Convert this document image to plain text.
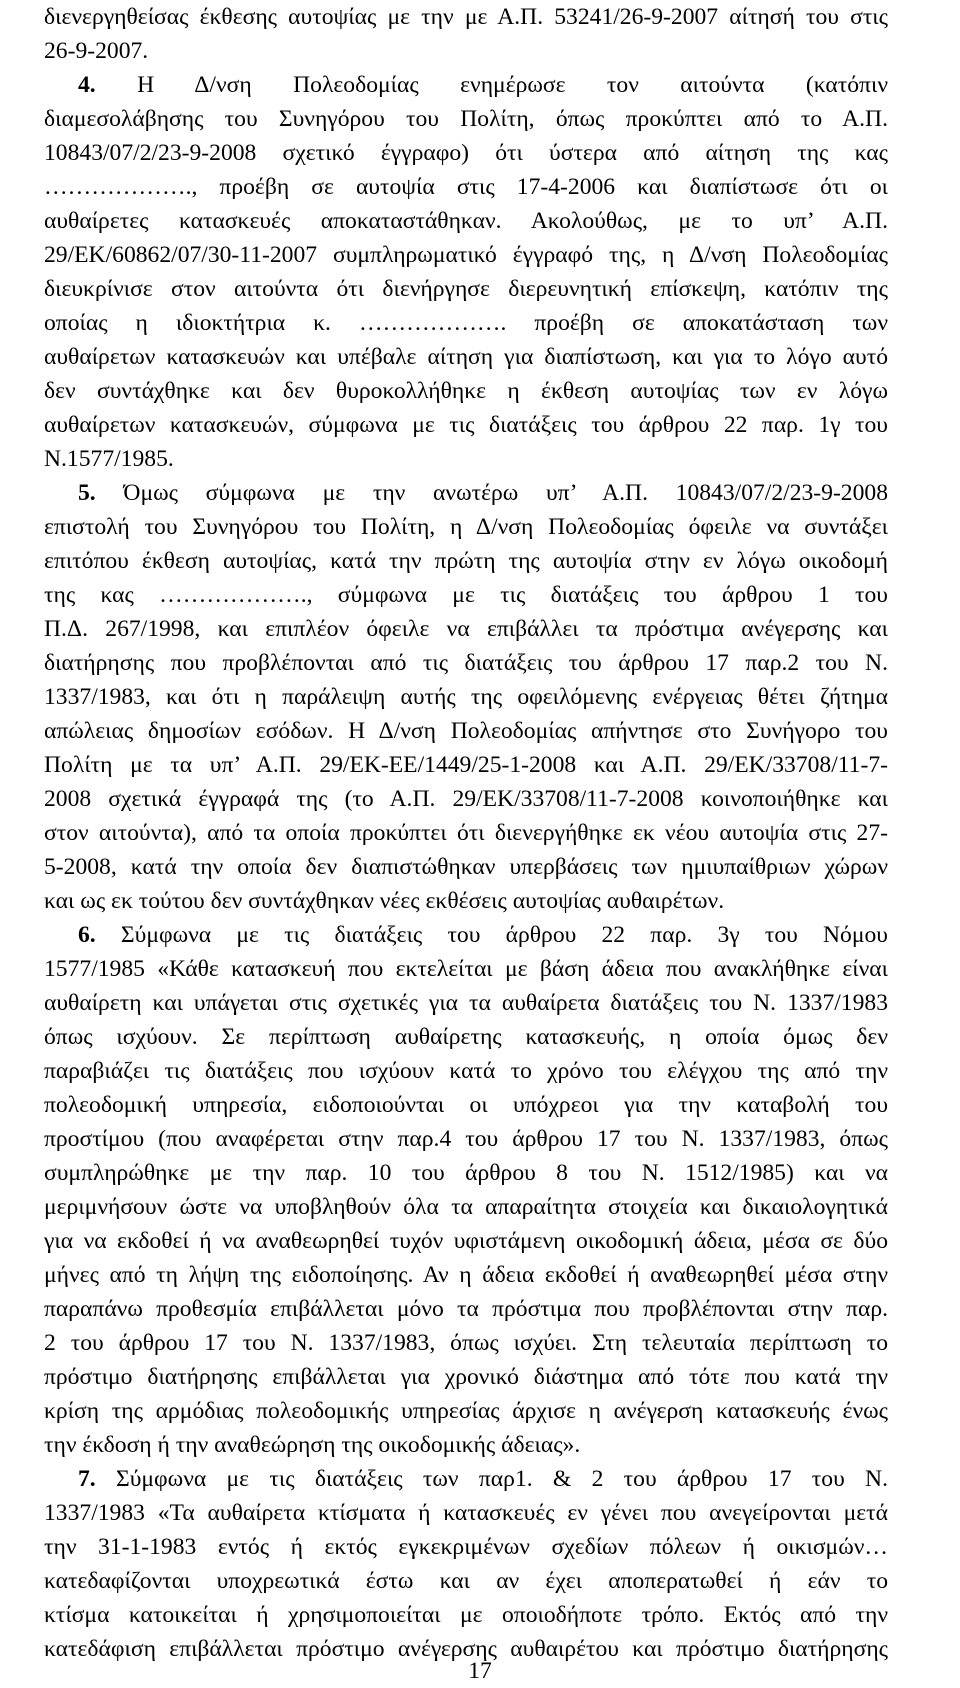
διενεργηθείσας έκθεσης αυτοψίας με την με Α.Π. 53241/26-9-2007 αίτησή του στις
26-9-2007.
4. Η Δ/νση Πολεοδομίας ενημέρωσε τον αιτούντα (κατόπιν
διαμεσολάβησης του Συνηγόρου του Πολίτη, όπως προκύπτει από το Α.Π.
10843/07/2/23-9-2008 σχετικό έγγραφο) ότι ύστερα από αίτηση της κας
………………., προέβη σε αυτοψία στις 17-4-2006 και διαπίστωσε ότι οι
αυθαίρετες κατασκευές αποκαταστάθηκαν. Ακολούθως, με το υπ’ Α.Π.
29/ΕΚ/60862/07/30-11-2007 συμπληρωματικό έγγραφό της, η Δ/νση Πολεοδομίας
διευκρίνισε στον αιτούντα ότι διενήργησε διερευνητική επίσκεψη, κατόπιν της
οποίας η ιδιοκτήτρια κ. ………………. προέβη σε αποκατάσταση των
αυθαίρετων κατασκευών και υπέβαλε αίτηση για διαπίστωση, και για το λόγο αυτό
δεν συντάχθηκε και δεν θυροκολλήθηκε η έκθεση αυτοψίας των εν λόγω
αυθαίρετων κατασκευών, σύμφωνα με τις διατάξεις του άρθρου 22 παρ. 1γ του
Ν.1577/1985.
5. Όμως σύμφωνα με την ανωτέρω υπ’ Α.Π. 10843/07/2/23-9-2008
επιστολή του Συνηγόρου του Πολίτη, η Δ/νση Πολεοδομίας όφειλε να συντάξει
επιτόπου έκθεση αυτοψίας, κατά την πρώτη της αυτοψία στην εν λόγω οικοδομή
της κας ………………., σύμφωνα με τις διατάξεις του άρθρου 1 του
Π.Δ. 267/1998, και επιπλέον όφειλε να επιβάλλει τα πρόστιμα ανέγερσης και
διατήρησης που προβλέπονται από τις διατάξεις του άρθρου 17 παρ.2 του Ν.
1337/1983, και ότι η παράλειψη αυτής της οφειλόμενης ενέργειας θέτει ζήτημα
απώλειας δημοσίων εσόδων. Η Δ/νση Πολεοδομίας απήντησε στο Συνήγορο του
Πολίτη με τα υπ’ Α.Π. 29/ΕΚ-ΕΕ/1449/25-1-2008 και Α.Π. 29/ΕΚ/33708/11-7-
2008 σχετικά έγγραφά της (το Α.Π. 29/ΕΚ/33708/11-7-2008 κοινοποιήθηκε και
στον αιτούντα), από τα οποία προκύπτει ότι διενεργήθηκε εκ νέου αυτοψία στις 27-
5-2008, κατά την οποία δεν διαπιστώθηκαν υπερβάσεις των ημιυπαίθριων χώρων
και ως εκ τούτου δεν συντάχθηκαν νέες εκθέσεις αυτοψίας αυθαιρέτων.
6. Σύμφωνα με τις διατάξεις του άρθρου 22 παρ. 3γ του Νόμου
1577/1985 «Κάθε κατασκευή που εκτελείται με βάση άδεια που ανακλήθηκε είναι
αυθαίρετη και υπάγεται στις σχετικές για τα αυθαίρετα διατάξεις του Ν. 1337/1983
όπως ισχύουν. Σε περίπτωση αυθαίρετης κατασκευής, η οποία όμως δεν
παραβιάζει τις διατάξεις που ισχύουν κατά το χρόνο του ελέγχου της από την
πολεοδομική υπηρεσία, ειδοποιούνται οι υπόχρεοι για την καταβολή του
προστίμου (που αναφέρεται στην παρ.4 του άρθρου 17 του Ν. 1337/1983, όπως
συμπληρώθηκε με την παρ. 10 του άρθρου 8 του Ν. 1512/1985) και να
μεριμνήσουν ώστε να υποβληθούν όλα τα απαραίτητα στοιχεία και δικαιολογητικά
για να εκδοθεί ή να αναθεωρηθεί τυχόν υφιστάμενη οικοδομική άδεια, μέσα σε δύο
μήνες από τη λήψη της ειδοποίησης. Αν η άδεια εκδοθεί ή αναθεωρηθεί μέσα στην
παραπάνω προθεσμία επιβάλλεται μόνο τα πρόστιμα που προβλέπονται στην παρ.
2 του άρθρου 17 του Ν. 1337/1983, όπως ισχύει. Στη τελευταία περίπτωση το
πρόστιμο διατήρησης επιβάλλεται για χρονικό διάστημα από τότε που κατά την
κρίση της αρμόδιας πολεοδομικής υπηρεσίας άρχισε η ανέγερση κατασκευής ένως
την έκδοση ή την αναθεώρηση της οικοδομικής άδειας».
7. Σύμφωνα με τις διατάξεις των παρ1. & 2 του άρθρου 17 του Ν.
1337/1983 «Τα αυθαίρετα κτίσματα ή κατασκευές εν γένει που ανεγείρονται μετά
την 31-1-1983 εντός ή εκτός εγκεκριμένων σχεδίων πόλεων ή οικισμών…
κατεδαφίζονται υποχρεωτικά έστω και αν έχει αποπερατωθεί ή εάν το
κτίσμα κατοικείται ή χρησιμοποιείται με οποιοδήποτε τρόπο. Εκτός από την
κατεδάφιση επιβάλλεται πρόστιμο ανέγερσης αυθαιρέτου και πρόστιμο διατήρησης
17
